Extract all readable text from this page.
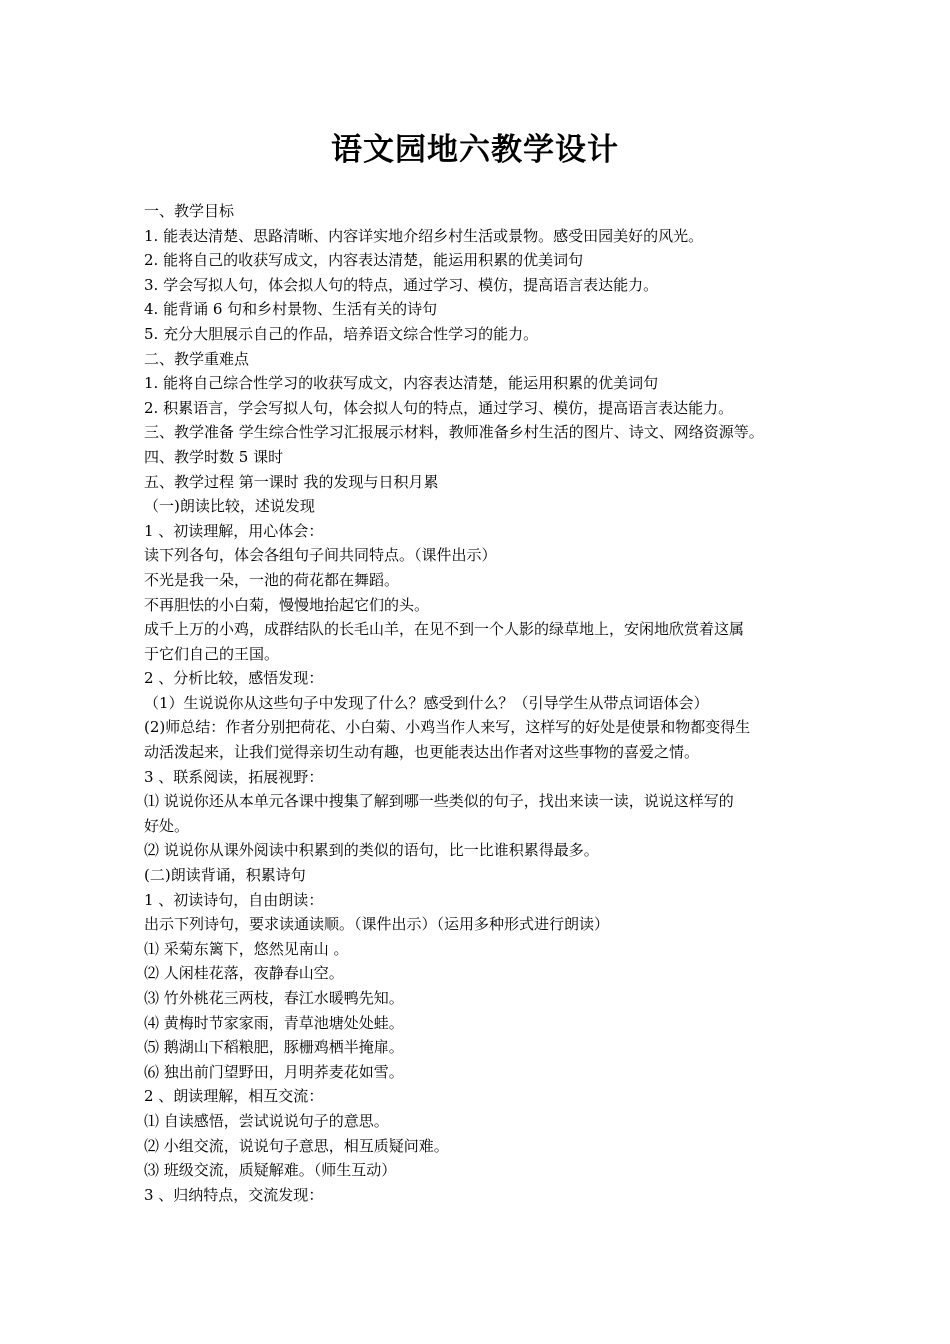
语文园地六教学设计
一、教学目标
1. 能表达清楚、思路清晰、内容详实地介绍乡村生活或景物。感受田园美好的风光。
2. 能将自己的收获写成文，内容表达清楚，能运用积累的优美词句
3. 学会写拟人句，体会拟人句的特点，通过学习、模仿，提高语言表达能力。
4. 能背诵 6 句和乡村景物、生活有关的诗句
5. 充分大胆展示自己的作品，培养语文综合性学习的能力。
二、教学重难点
1. 能将自己综合性学习的收获写成文，内容表达清楚，能运用积累的优美词句
2. 积累语言，学会写拟人句，体会拟人句的特点，通过学习、模仿，提高语言表达能力。
三、教学准备 学生综合性学习汇报展示材料，教师准备乡村生活的图片、诗文、网络资源等。
四、教学时数 5 课时
五、教学过程 第一课时 我的发现与日积月累
（一)朗读比较，述说发现
1 、初读理解，用心体会：
读下列各句，体会各组句子间共同特点。（课件出示）
不光是我一朵，一池的荷花都在舞蹈。
不再胆怯的小白菊，慢慢地抬起它们的头。
成千上万的小鸡，成群结队的长毛山羊，在见不到一个人影的绿草地上，安闲地欣赏着这属
于它们自己的王国。
2 、分析比较，感悟发现：
（1）生说说你从这些句子中发现了什么？感受到什么？（引导学生从带点词语体会）
(2)师总结：作者分别把荷花、小白菊、小鸡当作人来写，这样写的好处是使景和物都变得生
动活泼起来，让我们觉得亲切生动有趣，也更能表达出作者对这些事物的喜爱之情。
3 、联系阅读，拓展视野：
⑴ 说说你还从本单元各课中搜集了解到哪一些类似的句子，找出来读一读，说说这样写的
好处。
⑵ 说说你从课外阅读中积累到的类似的语句，比一比谁积累得最多。
(二)朗读背诵，积累诗句
1 、初读诗句，自由朗读：
出示下列诗句，要求读通读顺。（课件出示）（运用多种形式进行朗读）
⑴ 采菊东篱下，悠然见南山 。
⑵ 人闲桂花落，夜静春山空。
⑶ 竹外桃花三两枝，春江水暖鸭先知。
⑷ 黄梅时节家家雨，青草池塘处处蛙。
⑸ 鹅湖山下稻粮肥，豚栅鸡栖半掩扉。
⑹ 独出前门望野田，月明荞麦花如雪。
2 、朗读理解，相互交流：
⑴ 自读感悟，尝试说说句子的意思。
⑵ 小组交流，说说句子意思，相互质疑问难。
⑶ 班级交流，质疑解难。（师生互动）
3 、归纳特点，交流发现：
